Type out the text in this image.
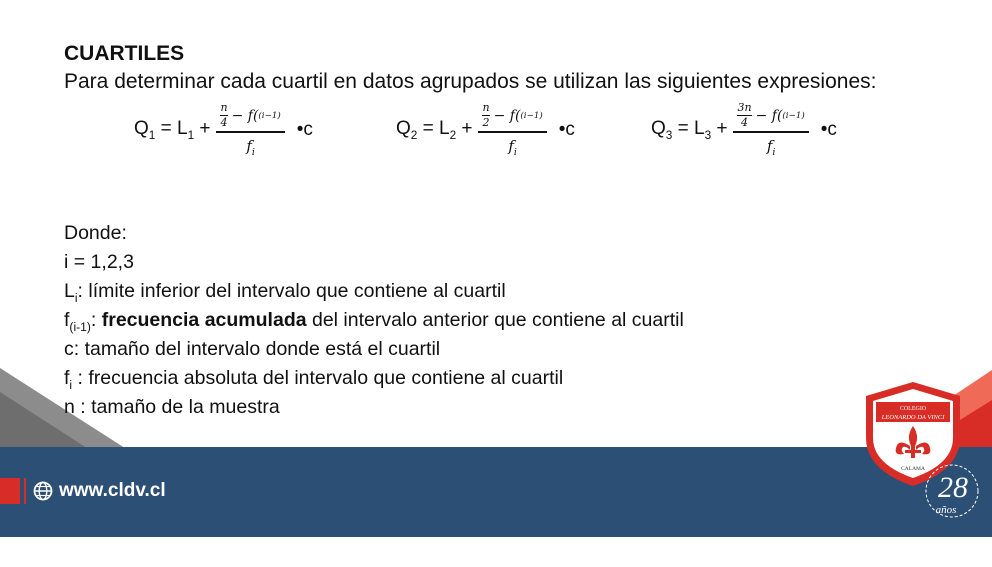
CUARTILES
Para determinar cada cuartil en datos agrupados se utilizan las siguientes expresiones:
$Q_1 = L_1 + n$
4 − f( (i−1)
$f_i$ •c	$Q_2 = L_2 + n$
2 − f( (i−1)
$f_i$ •c	$Q_3 = L_3 + 3n$
4 − f( (i−1)
$f_i$ •c
Donde:
i = 1,2,3
$L_i$: límite inferior del intervalo que contiene al cuartil
$f_{(i-1)}$: frecuencia acumulada del intervalo anterior que contiene al cuartil
c: tamaño del intervalo donde está el cuartil
$f_i$ : frecuencia absoluta del intervalo que contiene al cuartil
n : tamaño de la muestra
www.cldv.cl
COLEGIO
LEONARDO DA VINCI
CALAMA
28
años
